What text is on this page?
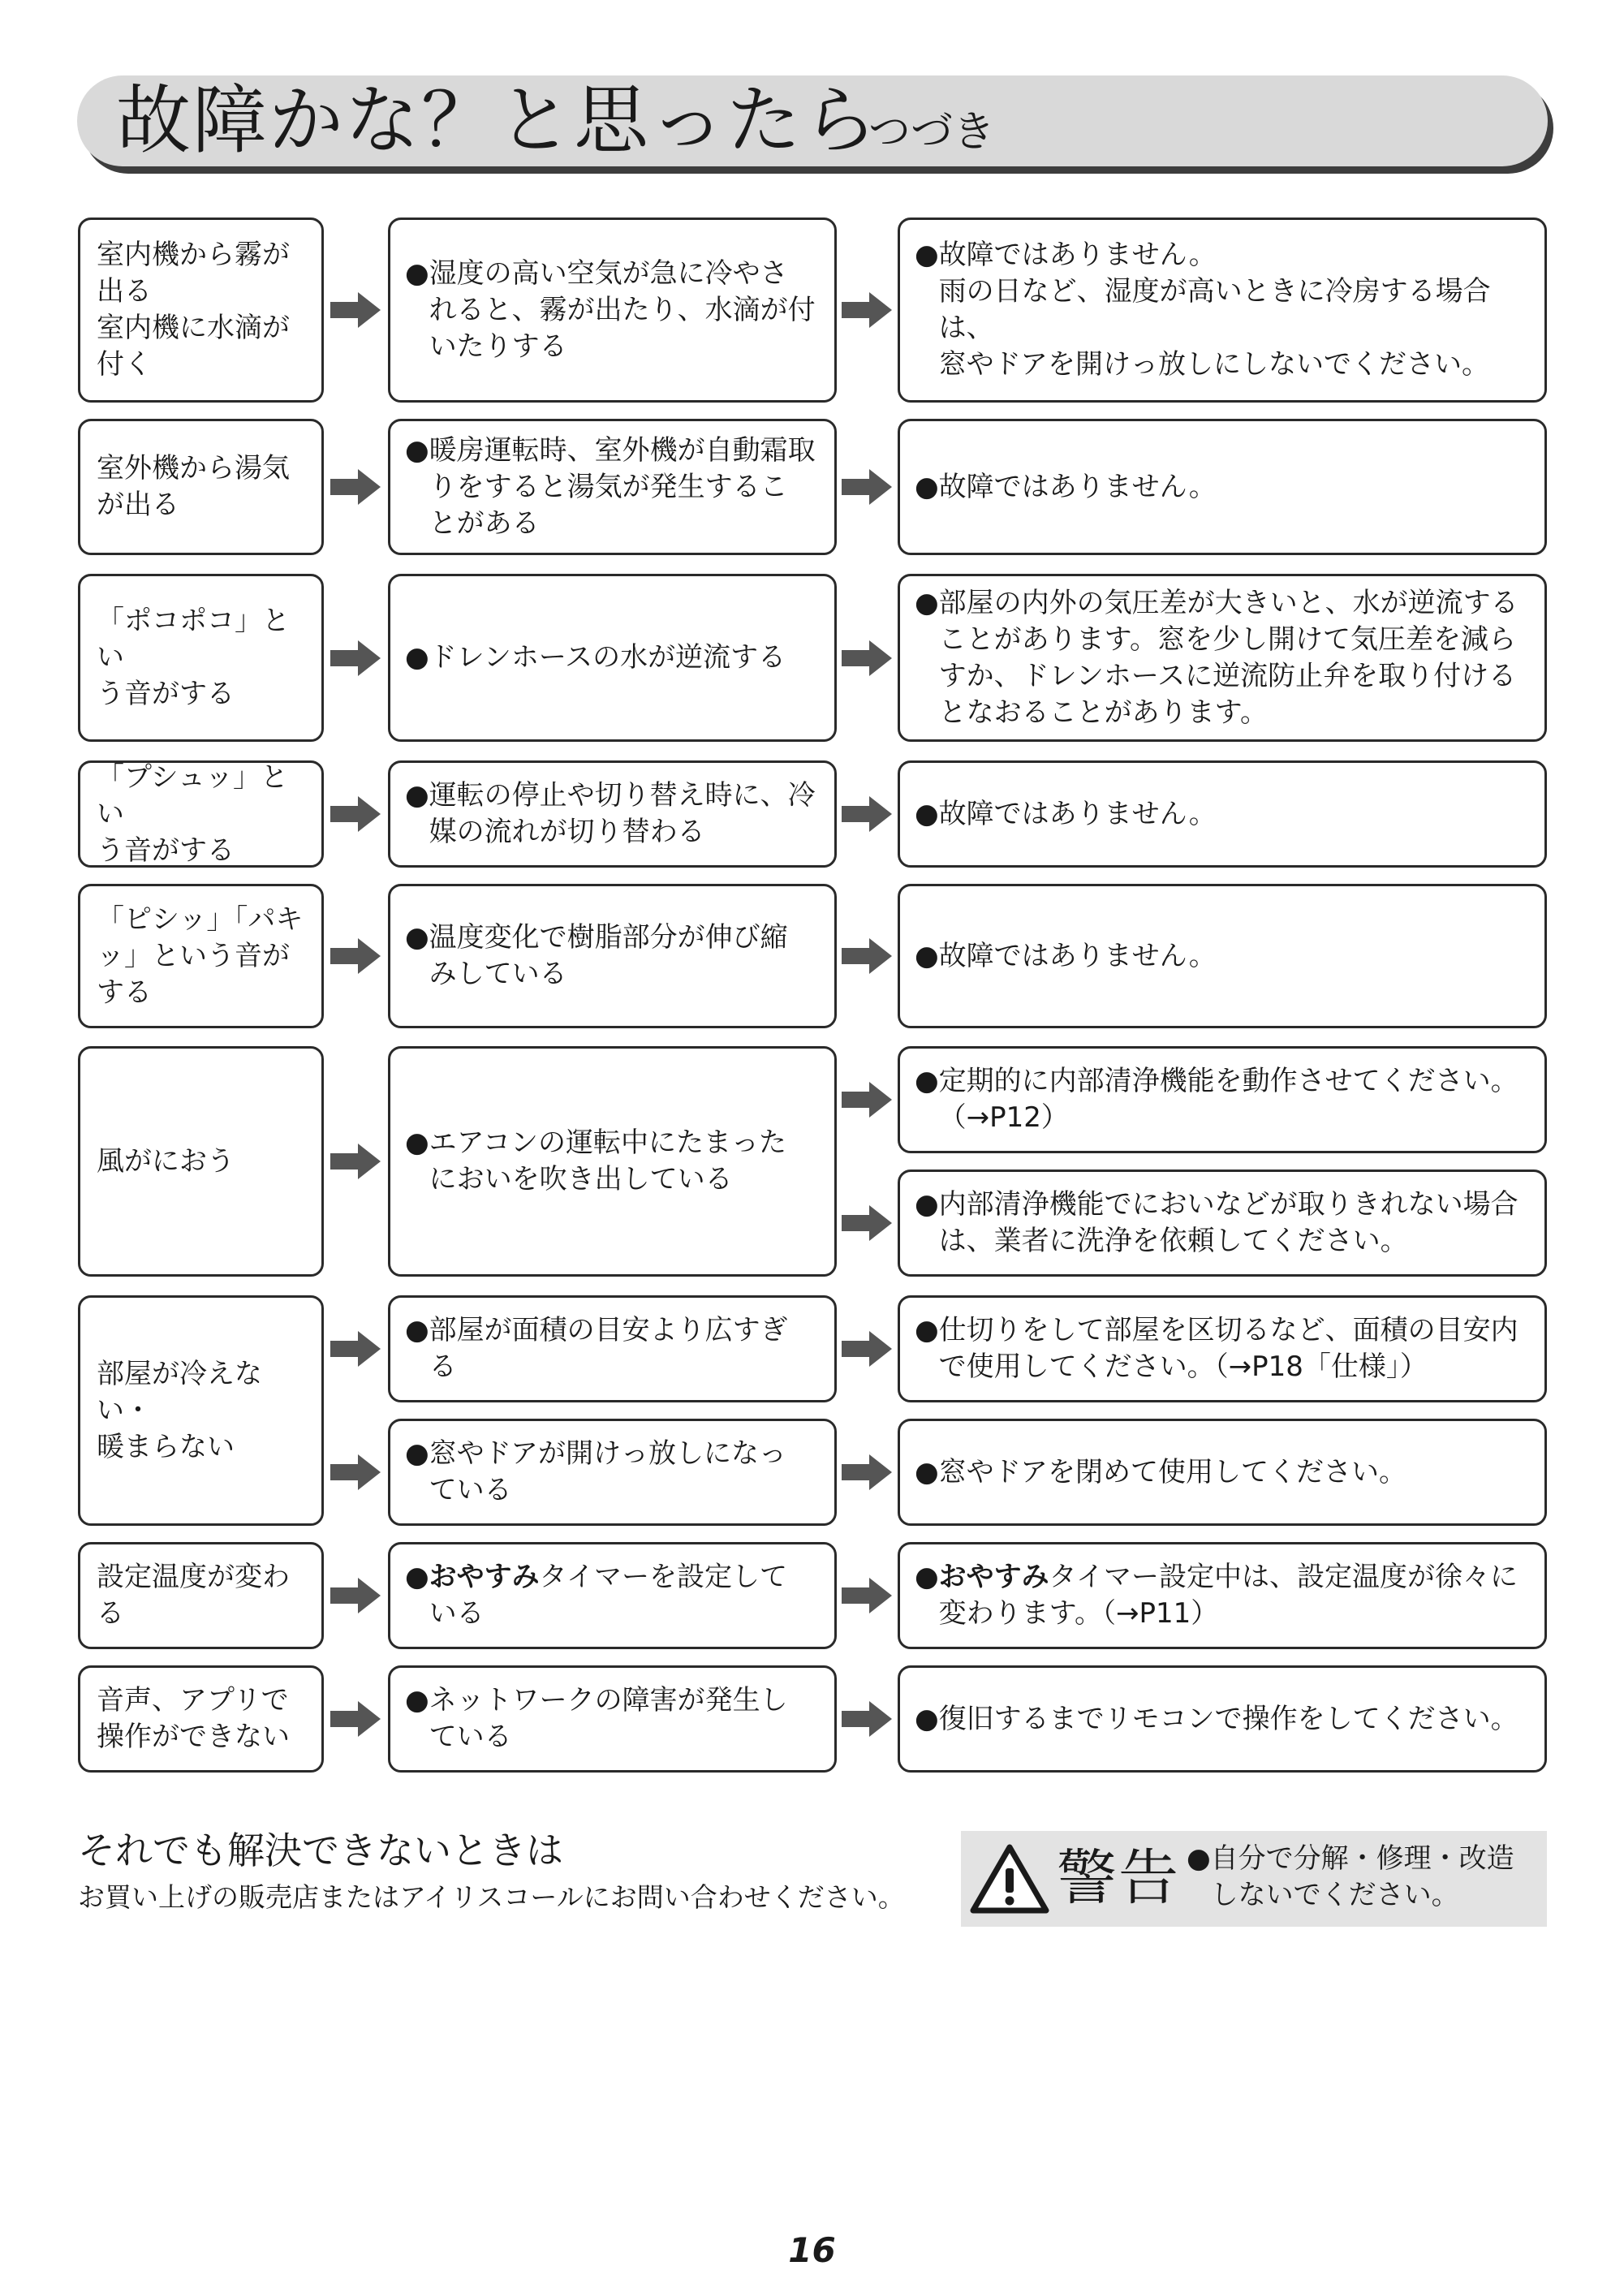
故障かな？と思ったら
つづき
室内機から霧が
出る
室内機に水滴が
付く
● 湿度の高い空気が急に冷やさ
れると、霧が出たり、水滴が付
いたりする
● 故障ではありません。
雨の日など、湿度が高いときに冷房する場合は、
窓やドアを開けっ放しにしないでください。
室外機から湯気
が出る
● 暖房運転時、室外機が自動霜取
りをすると湯気が発生するこ
とがある
● 故障ではありません。
「ポコポコ」とい
う音がする
● ドレンホースの水が逆流する
● 部屋の内外の気圧差が大きいと、水が逆流する
ことがあります。窓を少し開けて気圧差を減ら
すか、ドレンホースに逆流防止弁を取り付ける
となおることがあります。
「プシュッ」とい
う音がする
● 運転の停止や切り替え時に、冷
媒の流れが切り替わる
● 故障ではありません。
「ピシッ」「パキ
ッ」という音が
する
● 温度変化で樹脂部分が伸び縮
みしている
● 故障ではありません。
風がにおう
● エアコンの運転中にたまった
においを吹き出している
● 定期的に内部清浄機能を動作させてください。
（→P12）
● 内部清浄機能でにおいなどが取りきれない場合
は、業者に洗浄を依頼してください。
部屋が冷えない・
暖まらない
● 部屋が面積の目安より広すぎ
る
● 窓やドアが開けっ放しになっ
ている
● 仕切りをして部屋を区切るなど、面積の目安内
で使用してください。（→P18「仕様」）
● 窓やドアを閉めて使用してください。
設定温度が変わ
る
● おやすみタイマーを設定して
いる
● おやすみタイマー設定中は、設定温度が徐々に
変わります。（→P11）
音声、アプリで
操作ができない
● ネットワークの障害が発生し
ている
● 復旧するまでリモコンで操作をしてください。
それでも解決できないときは
お買い上げの販売店またはアイリスコールにお問い合わせください。	警告 ● 自分で分解・修理・改造
しないでください。
16
